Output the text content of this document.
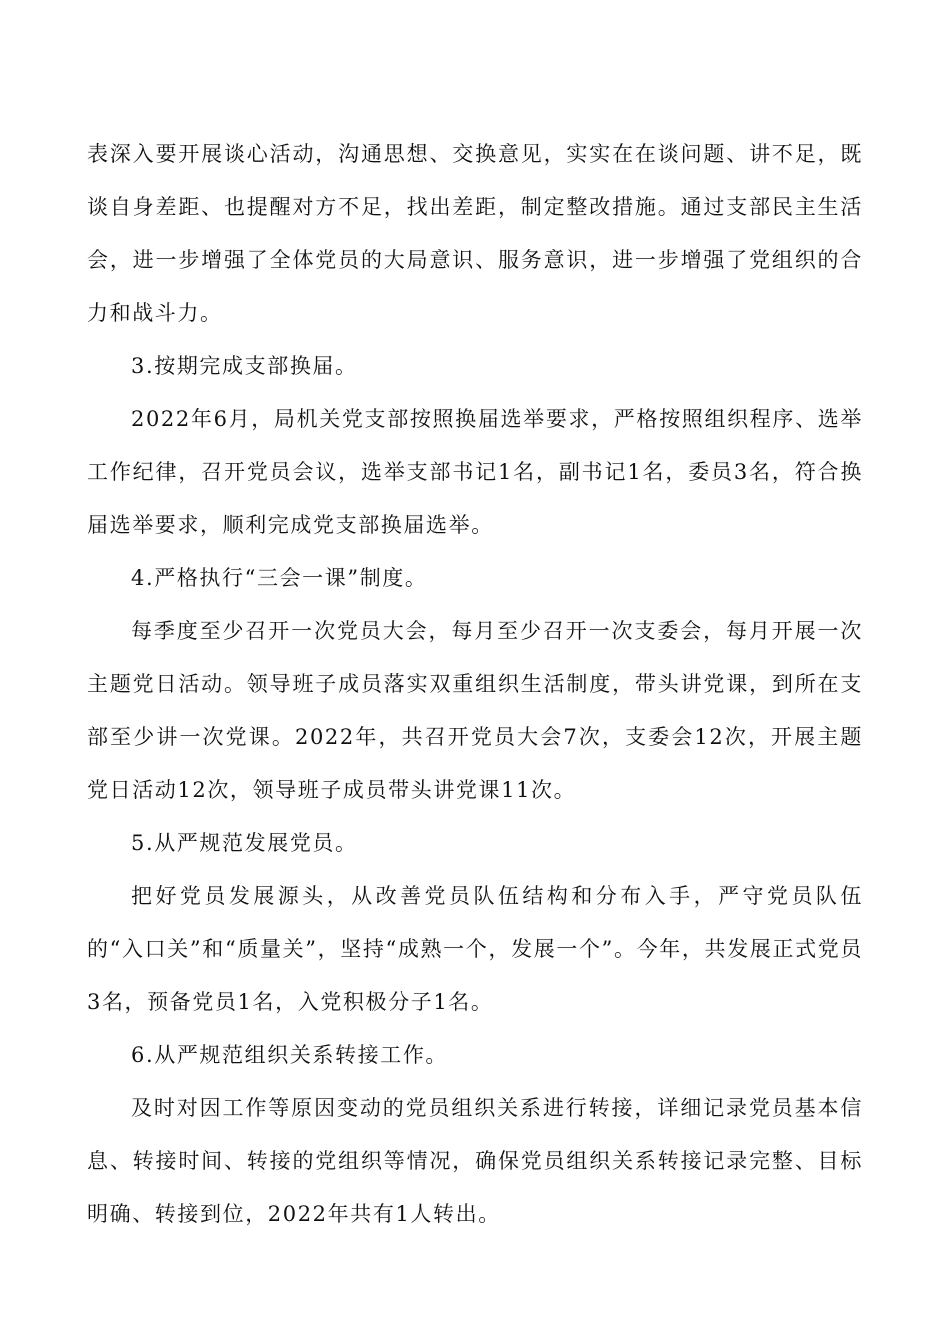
表深入要开展谈心活动，沟通思想、交换意见，实实在在谈问题、讲不足，既谈自身差距、也提醒对方不足，找出差距，制定整改措施。通过支部民主生活会，进一步增强了全体党员的大局意识、服务意识，进一步增强了党组织的合力和战斗力。

3.按期完成支部换届。

2022年6月，局机关党支部按照换届选举要求，严格按照组织程序、选举工作纪律，召开党员会议，选举支部书记1名，副书记1名，委员3名，符合换届选举要求，顺利完成党支部换届选举。

4.严格执行“三会一课”制度。

每季度至少召开一次党员大会，每月至少召开一次支委会，每月开展一次主题党日活动。领导班子成员落实双重组织生活制度，带头讲党课，到所在支部至少讲一次党课。2022年，共召开党员大会7次，支委会12次，开展主题党日活动12次，领导班子成员带头讲党课11次。

5.从严规范发展党员。

把好党员发展源头，从改善党员队伍结构和分布入手，严守党员队伍的“入口关”和“质量关”，坚持“成熟一个，发展一个”。今年，共发展正式党员3名，预备党员1名，入党积极分子1名。

6.从严规范组织关系转接工作。

及时对因工作等原因变动的党员组织关系进行转接，详细记录党员基本信息、转接时间、转接的党组织等情况，确保党员组织关系转接记录完整、目标明确、转接到位，2022年共有1人转出。
